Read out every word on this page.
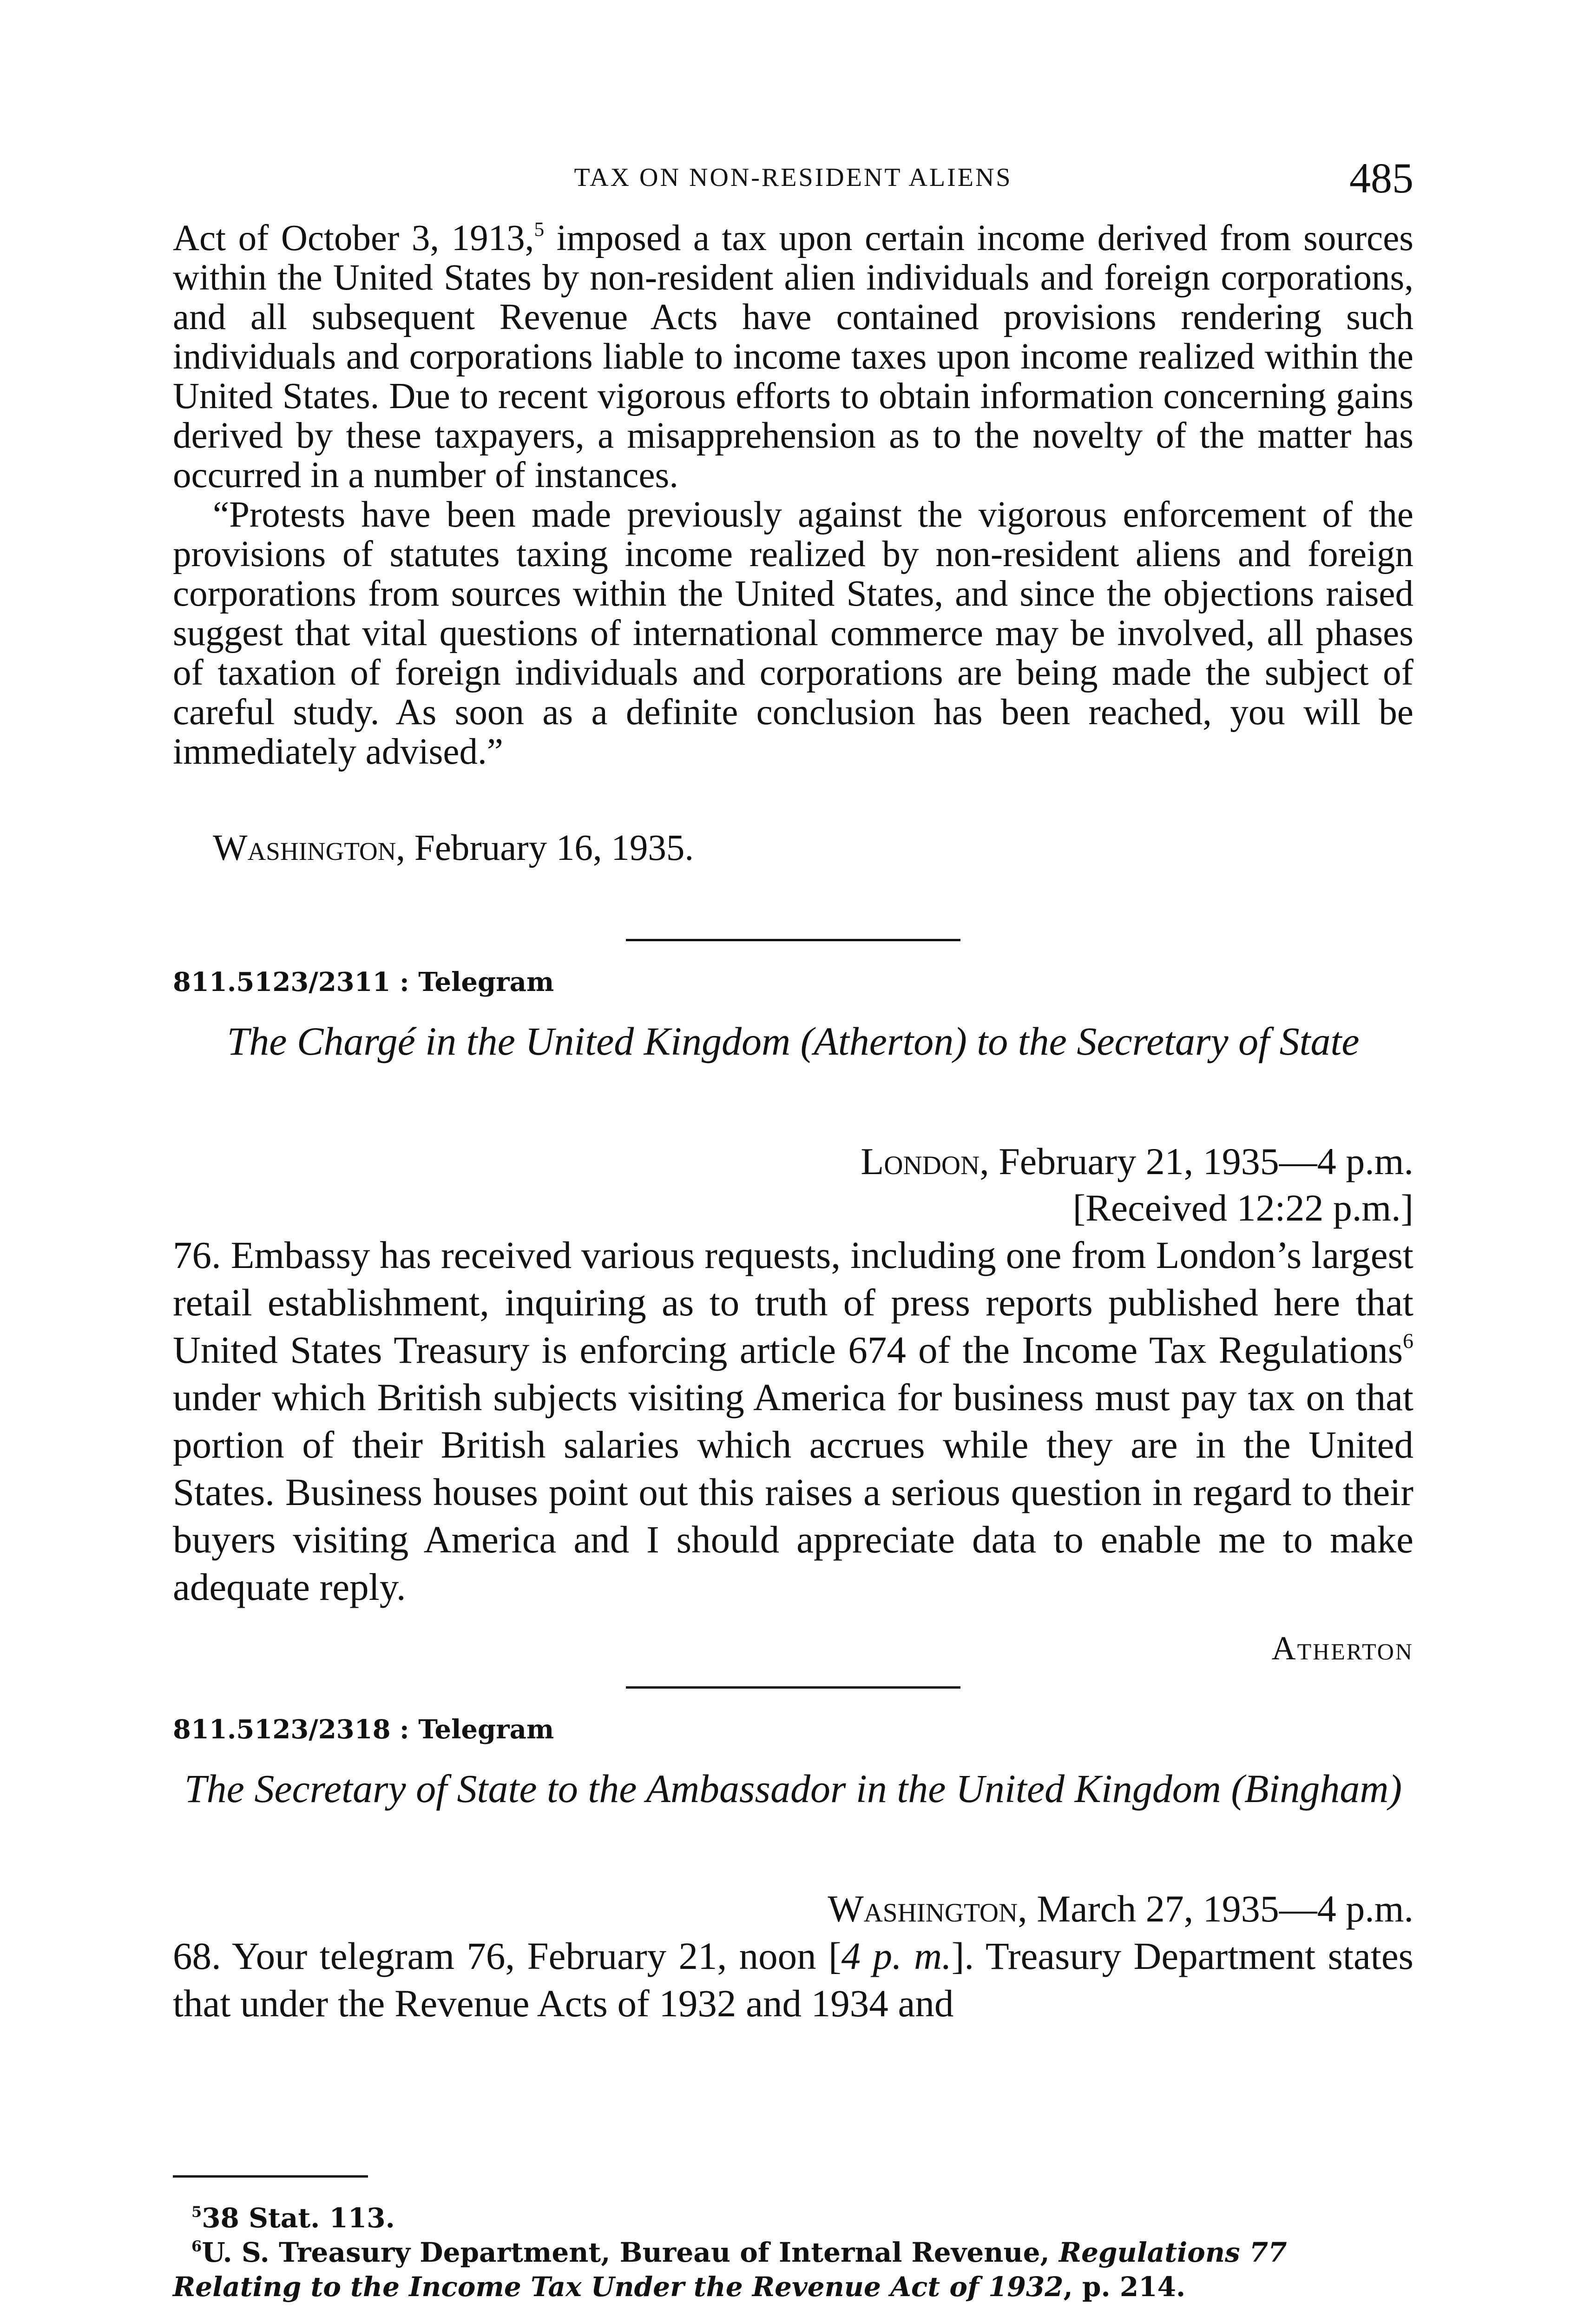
TAX ON NON-RESIDENT ALIENS	485

Act of October 3, 1913,$^5$ imposed a tax upon certain income derived from sources within the United States by non-resident alien individuals and foreign corporations, and all subsequent Revenue Acts have contained provisions rendering such individuals and corporations liable to income taxes upon income realized within the United States. Due to recent vigorous efforts to obtain information concerning gains derived by these taxpayers, a misapprehension as to the novelty of the matter has occurred in a number of instances.

“Protests have been made previously against the vigorous enforcement of the provisions of statutes taxing income realized by non-resident aliens and foreign corporations from sources within the United States, and since the objections raised suggest that vital questions of international commerce may be involved, all phases of taxation of foreign individuals and corporations are being made the subject of careful study. As soon as a definite conclusion has been reached, you will be immediately advised.”

Washington, February 16, 1935.
811.5123/2311 : Telegram
The Chargé in the United Kingdom (Atherton) to the Secretary of State
London, February 21, 1935—4 p.m.
[Received 12:22 p.m.]

76. Embassy has received various requests, including one from London’s largest retail establishment, inquiring as to truth of press reports published here that United States Treasury is enforcing article 674 of the Income Tax Regulations$^6$ under which British subjects visiting America for business must pay tax on that portion of their British salaries which accrues while they are in the United States. Business houses point out this raises a serious question in regard to their buyers visiting America and I should appreciate data to enable me to make adequate reply.

Atherton
811.5123/2318 : Telegram
The Secretary of State to the Ambassador in the United Kingdom (Bingham)
Washington, March 27, 1935—4 p.m.

68. Your telegram 76, February 21, noon [4 p. m.]. Treasury Department states that under the Revenue Acts of 1932 and 1934 and

$^5$38 Stat. 113.

$^6$U. S. Treasury Department, Bureau of Internal Revenue, Regulations 77 Relating to the Income Tax Under the Revenue Act of 1932, p. 214.
